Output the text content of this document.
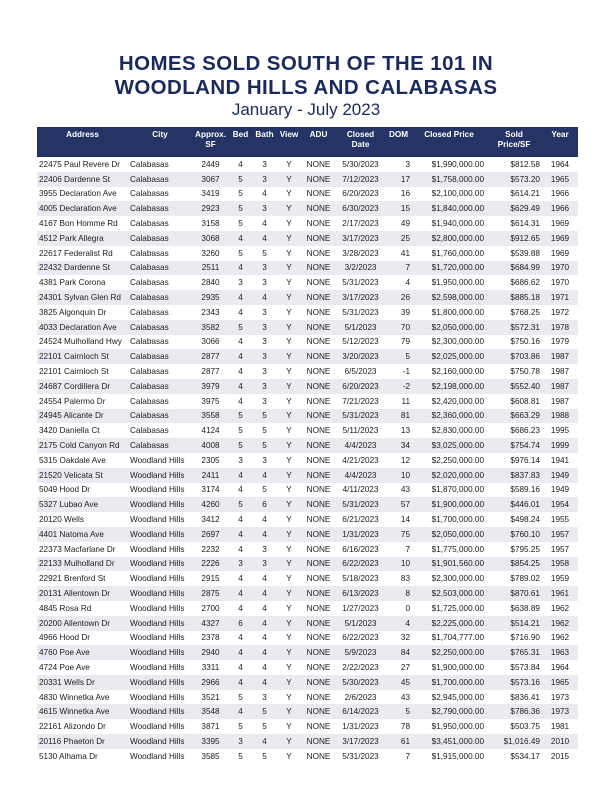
HOMES SOLD SOUTH OF THE 101 IN
WOODLAND HILLS AND CALABASAS
January - July 2023
Address	City	Approx. SF	Bed	Bath	View	ADU	Closed Date	DOM	Closed Price	Sold Price/SF	Year

22475 Paul Revere Dr	Calabasas	2449	4	3	Y	NONE	5/30/2023	3	$1,990,000.00	$812.58	1964
22406 Dardenne St	Calabasas	3067	5	3	Y	NONE	7/12/2023	17	$1,758,000.00	$573.20	1965
3955 Declaration Ave	Calabasas	3419	5	4	Y	NONE	6/20/2023	16	$2,100,000.00	$614.21	1966
4005 Declaration Ave	Calabasas	2923	5	3	Y	NONE	6/30/2023	15	$1,840,000.00	$629.49	1966
4167 Bon Homme Rd	Calabasas	3158	5	4	Y	NONE	2/17/2023	49	$1,940,000.00	$614.31	1969
4512 Park Allegra	Calabasas	3068	4	4	Y	NONE	3/17/2023	25	$2,800,000.00	$912.65	1969
22617 Federalist Rd	Calabasas	3260	5	5	Y	NONE	3/28/2023	41	$1,760,000.00	$539.88	1969
22432 Dardenne St	Calabasas	2511	4	3	Y	NONE	3/2/2023	7	$1,720,000.00	$684.99	1970
4381 Park Corona	Calabasas	2840	3	3	Y	NONE	5/31/2023	4	$1,950,000.00	$686.62	1970
24301 Sylvan Glen Rd	Calabasas	2935	4	4	Y	NONE	3/17/2023	26	$2,598,000.00	$885.18	1971
3825 Algonquin Dr	Calabasas	2343	4	3	Y	NONE	5/31/2023	39	$1,800,000.00	$768.25	1972
4033 Declaration Ave	Calabasas	3582	5	3	Y	NONE	5/1/2023	70	$2,050,000.00	$572.31	1978
24524 Mulholland Hwy	Calabasas	3066	4	3	Y	NONE	5/12/2023	79	$2,300,000.00	$750.16	1979
22101 Cairnloch St	Calabasas	2877	4	3	Y	NONE	3/20/2023	5	$2,025,000.00	$703.86	1987
22101 Cairnloch St	Calabasas	2877	4	3	Y	NONE	6/5/2023	-1	$2,160,000.00	$750.78	1987
24687 Cordillera Dr	Calabasas	3979	4	3	Y	NONE	6/20/2023	-2	$2,198,000.00	$552.40	1987
24554 Palermo Dr	Calabasas	3975	4	3	Y	NONE	7/21/2023	11	$2,420,000.00	$608.81	1987
24945 Alicante Dr	Calabasas	3558	5	5	Y	NONE	5/31/2023	81	$2,360,000.00	$663.29	1988
3420 Daniella Ct	Calabasas	4124	5	5	Y	NONE	5/11/2023	13	$2,830,000.00	$686.23	1995
2175 Cold Canyon Rd	Calabasas	4008	5	5	Y	NONE	4/4/2023	34	$3,025,000.00	$754.74	1999
5315 Oakdale Ave	Woodland Hills	2305	3	3	Y	NONE	4/21/2023	12	$2,250,000.00	$976.14	1941
21520 Velicata St	Woodland Hills	2411	4	4	Y	NONE	4/4/2023	10	$2,020,000.00	$837.83	1949
5049 Hood Dr	Woodland Hills	3174	4	5	Y	NONE	4/11/2023	43	$1,870,000.00	$589.16	1949
5327 Lubao Ave	Woodland Hills	4260	5	6	Y	NONE	5/31/2023	57	$1,900,000.00	$446.01	1954
20120 Wells	Woodland Hills	3412	4	4	Y	NONE	6/21/2023	14	$1,700,000.00	$498.24	1955
4401 Natoma Ave	Woodland Hills	2697	4	4	Y	NONE	1/31/2023	75	$2,050,000.00	$760.10	1957
22373 Macfarlane Dr	Woodland Hills	2232	4	3	Y	NONE	6/16/2023	7	$1,775,000.00	$795.25	1957
22133 Mulholland Dr	Woodland Hills	2226	3	3	Y	NONE	6/22/2023	10	$1,901,560.00	$854.25	1958
22921 Brenford St	Woodland Hills	2915	4	4	Y	NONE	5/18/2023	83	$2,300,000.00	$789.02	1959
20131 Allentown Dr	Woodland Hills	2875	4	4	Y	NONE	6/13/2023	8	$2,503,000.00	$870.61	1961
4845 Rosa Rd	Woodland Hills	2700	4	4	Y	NONE	1/27/2023	0	$1,725,000.00	$638.89	1962
20200 Allentown Dr	Woodland Hills	4327	6	4	Y	NONE	5/1/2023	4	$2,225,000.00	$514.21	1962
4966 Hood Dr	Woodland Hills	2378	4	4	Y	NONE	6/22/2023	32	$1,704,777.00	$716.90	1962
4760 Poe Ave	Woodland Hills	2940	4	4	Y	NONE	5/9/2023	84	$2,250,000.00	$765.31	1963
4724 Poe Ave	Woodland Hills	3311	4	4	Y	NONE	2/22/2023	27	$1,900,000.00	$573.84	1964
20331 Wells Dr	Woodland Hills	2966	4	4	Y	NONE	5/30/2023	45	$1,700,000.00	$573.16	1965
4830 Winnetka Ave	Woodland Hills	3521	5	3	Y	NONE	2/6/2023	43	$2,945,000.00	$836.41	1973
4615 Winnetka Ave	Woodland Hills	3548	4	5	Y	NONE	6/14/2023	5	$2,790,000.00	$786.36	1973
22161 Alizondo Dr	Woodland Hills	3871	5	5	Y	NONE	1/31/2023	78	$1,950,000.00	$503.75	1981
20116 Phaeton Dr	Woodland Hills	3395	3	4	Y	NONE	3/17/2023	61	$3,451,000.00	$1,016.49	2010
5130 Alhama Dr	Woodland Hills	3585	5	5	Y	NONE	5/31/2023	7	$1,915,000.00	$534.17	2015
